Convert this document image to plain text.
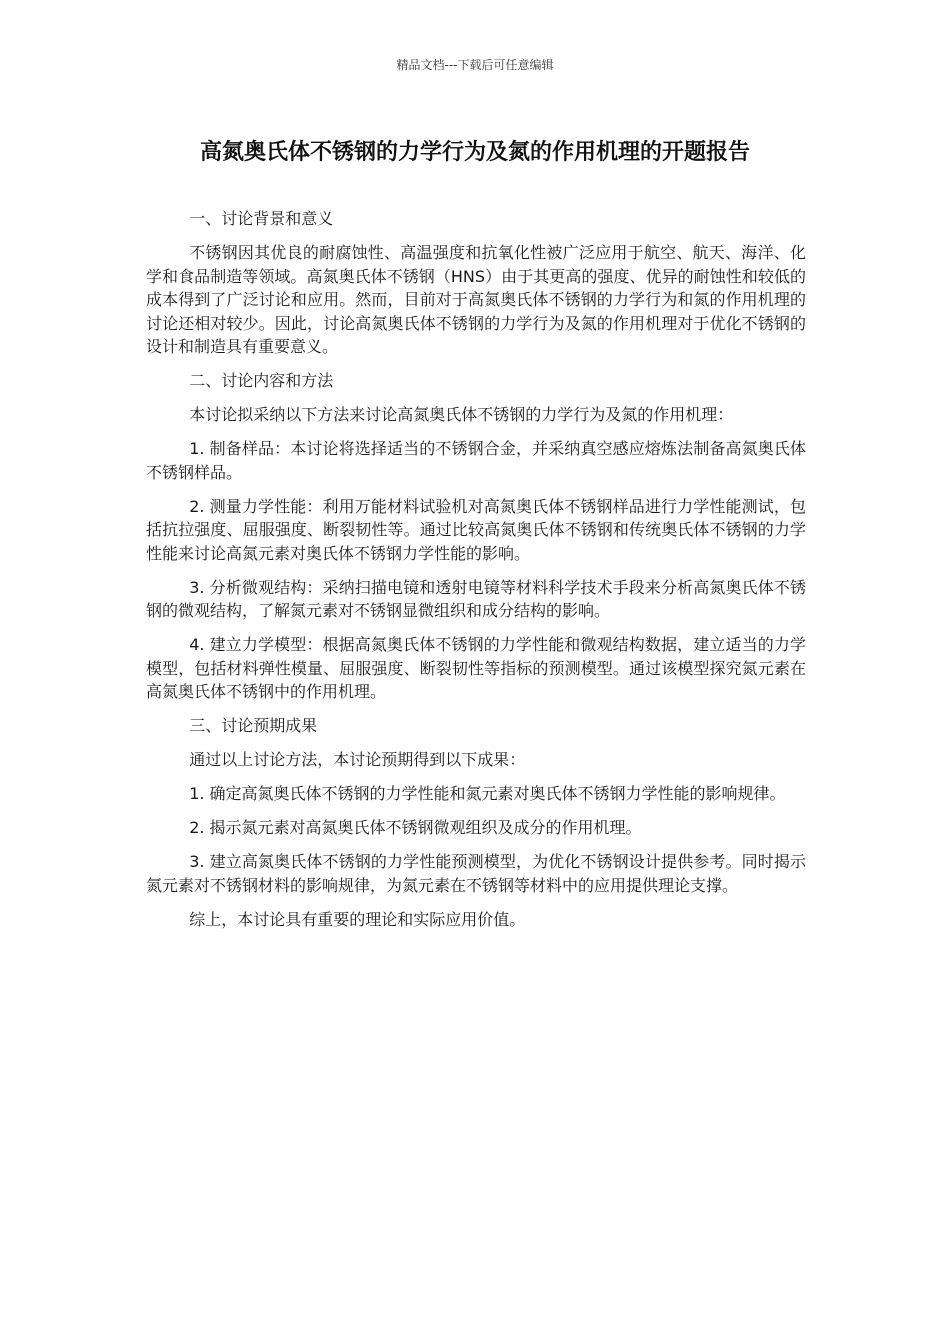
精品文档---下载后可任意编辑
高氮奥氏体不锈钢的力学行为及氮的作用机理的开题报告

一、讨论背景和意义

不锈钢因其优良的耐腐蚀性、高温强度和抗氧化性被广泛应用于航空、航天、海洋、化学和食品制造等领域。高氮奥氏体不锈钢（HNS）由于其更高的强度、优异的耐蚀性和较低的成本得到了广泛讨论和应用。然而，目前对于高氮奥氏体不锈钢的力学行为和氮的作用机理的讨论还相对较少。因此，讨论高氮奥氏体不锈钢的力学行为及氮的作用机理对于优化不锈钢的设计和制造具有重要意义。

二、讨论内容和方法

本讨论拟采纳以下方法来讨论高氮奥氏体不锈钢的力学行为及氮的作用机理：

1. 制备样品：本讨论将选择适当的不锈钢合金，并采纳真空感应熔炼法制备高氮奥氏体不锈钢样品。

2. 测量力学性能：利用万能材料试验机对高氮奥氏体不锈钢样品进行力学性能测试，包括抗拉强度、屈服强度、断裂韧性等。通过比较高氮奥氏体不锈钢和传统奥氏体不锈钢的力学性能来讨论高氮元素对奥氏体不锈钢力学性能的影响。

3. 分析微观结构：采纳扫描电镜和透射电镜等材料科学技术手段来分析高氮奥氏体不锈钢的微观结构，了解氮元素对不锈钢显微组织和成分结构的影响。

4. 建立力学模型：根据高氮奥氏体不锈钢的力学性能和微观结构数据，建立适当的力学模型，包括材料弹性模量、屈服强度、断裂韧性等指标的预测模型。通过该模型探究氮元素在高氮奥氏体不锈钢中的作用机理。

三、讨论预期成果

通过以上讨论方法，本讨论预期得到以下成果：

1. 确定高氮奥氏体不锈钢的力学性能和氮元素对奥氏体不锈钢力学性能的影响规律。

2. 揭示氮元素对高氮奥氏体不锈钢微观组织及成分的作用机理。

3. 建立高氮奥氏体不锈钢的力学性能预测模型，为优化不锈钢设计提供参考。同时揭示氮元素对不锈钢材料的影响规律，为氮元素在不锈钢等材料中的应用提供理论支撑。

综上，本讨论具有重要的理论和实际应用价值。
